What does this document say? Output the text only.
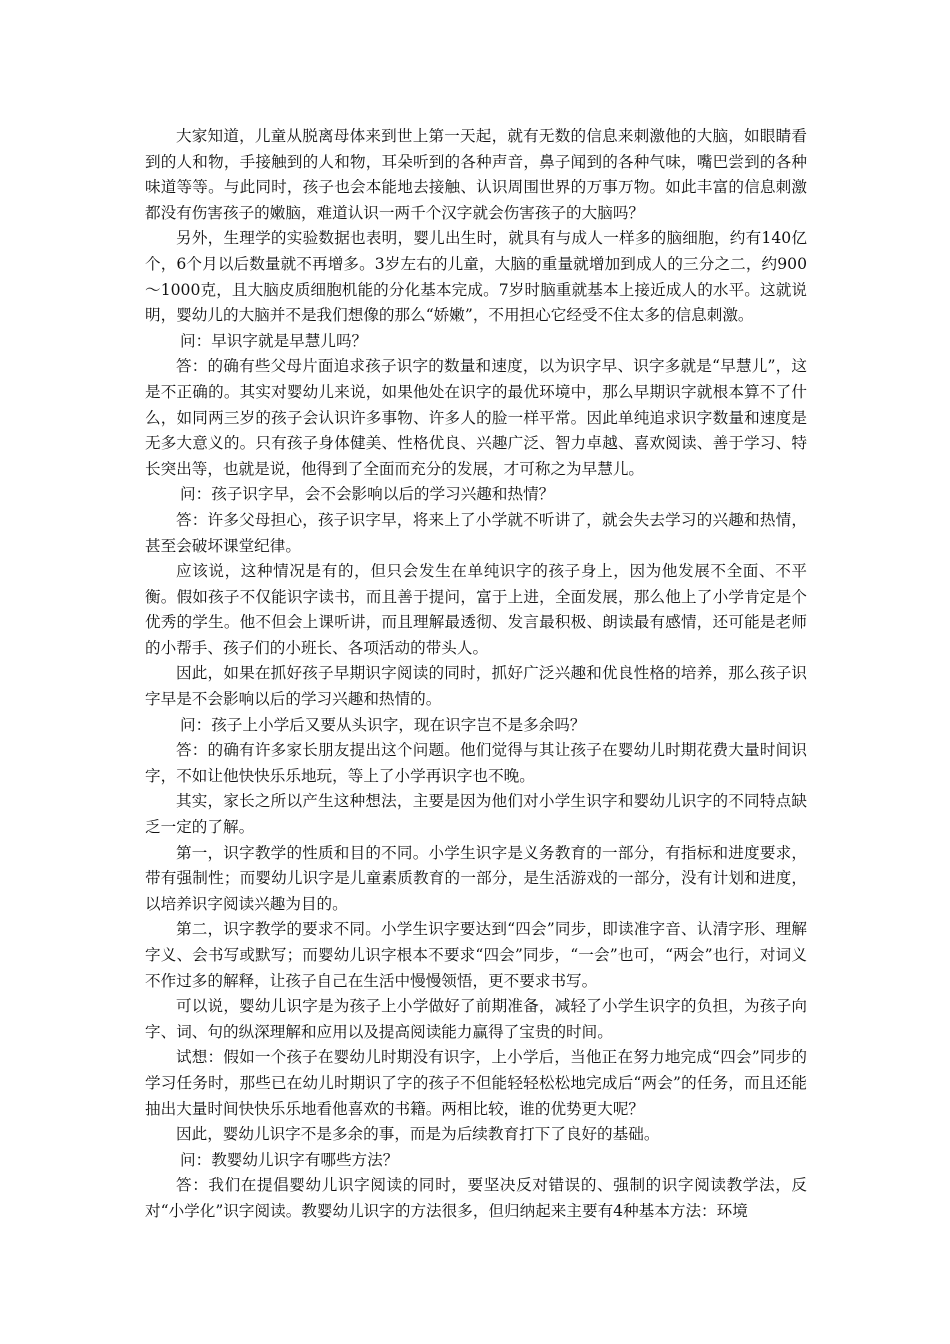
大家知道，儿童从脱离母体来到世上第一天起，就有无数的信息来刺激他的大脑，如眼睛看到的人和物，手接触到的人和物，耳朵听到的各种声音，鼻子闻到的各种气味，嘴巴尝到的各种味道等等。与此同时，孩子也会本能地去接触、认识周围世界的万事万物。如此丰富的信息刺激都没有伤害孩子的嫩脑，难道认识一两千个汉字就会伤害孩子的大脑吗？

另外，生理学的实验数据也表明，婴儿出生时，就具有与成人一样多的脑细胞，约有140亿个，6个月以后数量就不再增多。3岁左右的儿童，大脑的重量就增加到成人的三分之二，约900～1000克，且大脑皮质细胞机能的分化基本完成。7岁时脑重就基本上接近成人的水平。这就说明，婴幼儿的大脑并不是我们想像的那么“娇嫩”，不用担心它经受不住太多的信息刺激。

问：早识字就是早慧儿吗？

答：的确有些父母片面追求孩子识字的数量和速度，以为识字早、识字多就是“早慧儿”，这是不正确的。其实对婴幼儿来说，如果他处在识字的最优环境中，那么早期识字就根本算不了什么，如同两三岁的孩子会认识许多事物、许多人的脸一样平常。因此单纯追求识字数量和速度是无多大意义的。只有孩子身体健美、性格优良、兴趣广泛、智力卓越、喜欢阅读、善于学习、特长突出等，也就是说，他得到了全面而充分的发展，才可称之为早慧儿。

问：孩子识字早，会不会影响以后的学习兴趣和热情？

答：许多父母担心，孩子识字早，将来上了小学就不听讲了，就会失去学习的兴趣和热情，甚至会破坏课堂纪律。

应该说，这种情况是有的，但只会发生在单纯识字的孩子身上，因为他发展不全面、不平衡。假如孩子不仅能识字读书，而且善于提问，富于上进，全面发展，那么他上了小学肯定是个优秀的学生。他不但会上课听讲，而且理解最透彻、发言最积极、朗读最有感情，还可能是老师的小帮手、孩子们的小班长、各项活动的带头人。

因此，如果在抓好孩子早期识字阅读的同时，抓好广泛兴趣和优良性格的培养，那么孩子识字早是不会影响以后的学习兴趣和热情的。

问：孩子上小学后又要从头识字，现在识字岂不是多余吗？

答：的确有许多家长朋友提出这个问题。他们觉得与其让孩子在婴幼儿时期花费大量时间识字，不如让他快快乐乐地玩，等上了小学再识字也不晚。

其实，家长之所以产生这种想法，主要是因为他们对小学生识字和婴幼儿识字的不同特点缺乏一定的了解。

第一，识字教学的性质和目的不同。小学生识字是义务教育的一部分，有指标和进度要求，带有强制性；而婴幼儿识字是儿童素质教育的一部分，是生活游戏的一部分，没有计划和进度，以培养识字阅读兴趣为目的。

第二，识字教学的要求不同。小学生识字要达到“四会”同步，即读准字音、认清字形、理解字义、会书写或默写；而婴幼儿识字根本不要求“四会”同步，“一会”也可，“两会”也行，对词义不作过多的解释，让孩子自己在生活中慢慢领悟，更不要求书写。

可以说，婴幼儿识字是为孩子上小学做好了前期准备，减轻了小学生识字的负担，为孩子向字、词、句的纵深理解和应用以及提高阅读能力赢得了宝贵的时间。

试想：假如一个孩子在婴幼儿时期没有识字，上小学后，当他正在努力地完成“四会”同步的学习任务时，那些已在幼儿时期识了字的孩子不但能轻轻松松地完成后“两会”的任务，而且还能抽出大量时间快快乐乐地看他喜欢的书籍。两相比较，谁的优势更大呢？

因此，婴幼儿识字不是多余的事，而是为后续教育打下了良好的基础。

问：教婴幼儿识字有哪些方法？

答：我们在提倡婴幼儿识字阅读的同时，要坚决反对错误的、强制的识字阅读教学法，反对“小学化”识字阅读。教婴幼儿识字的方法很多，但归纳起来主要有4种基本方法：环境
